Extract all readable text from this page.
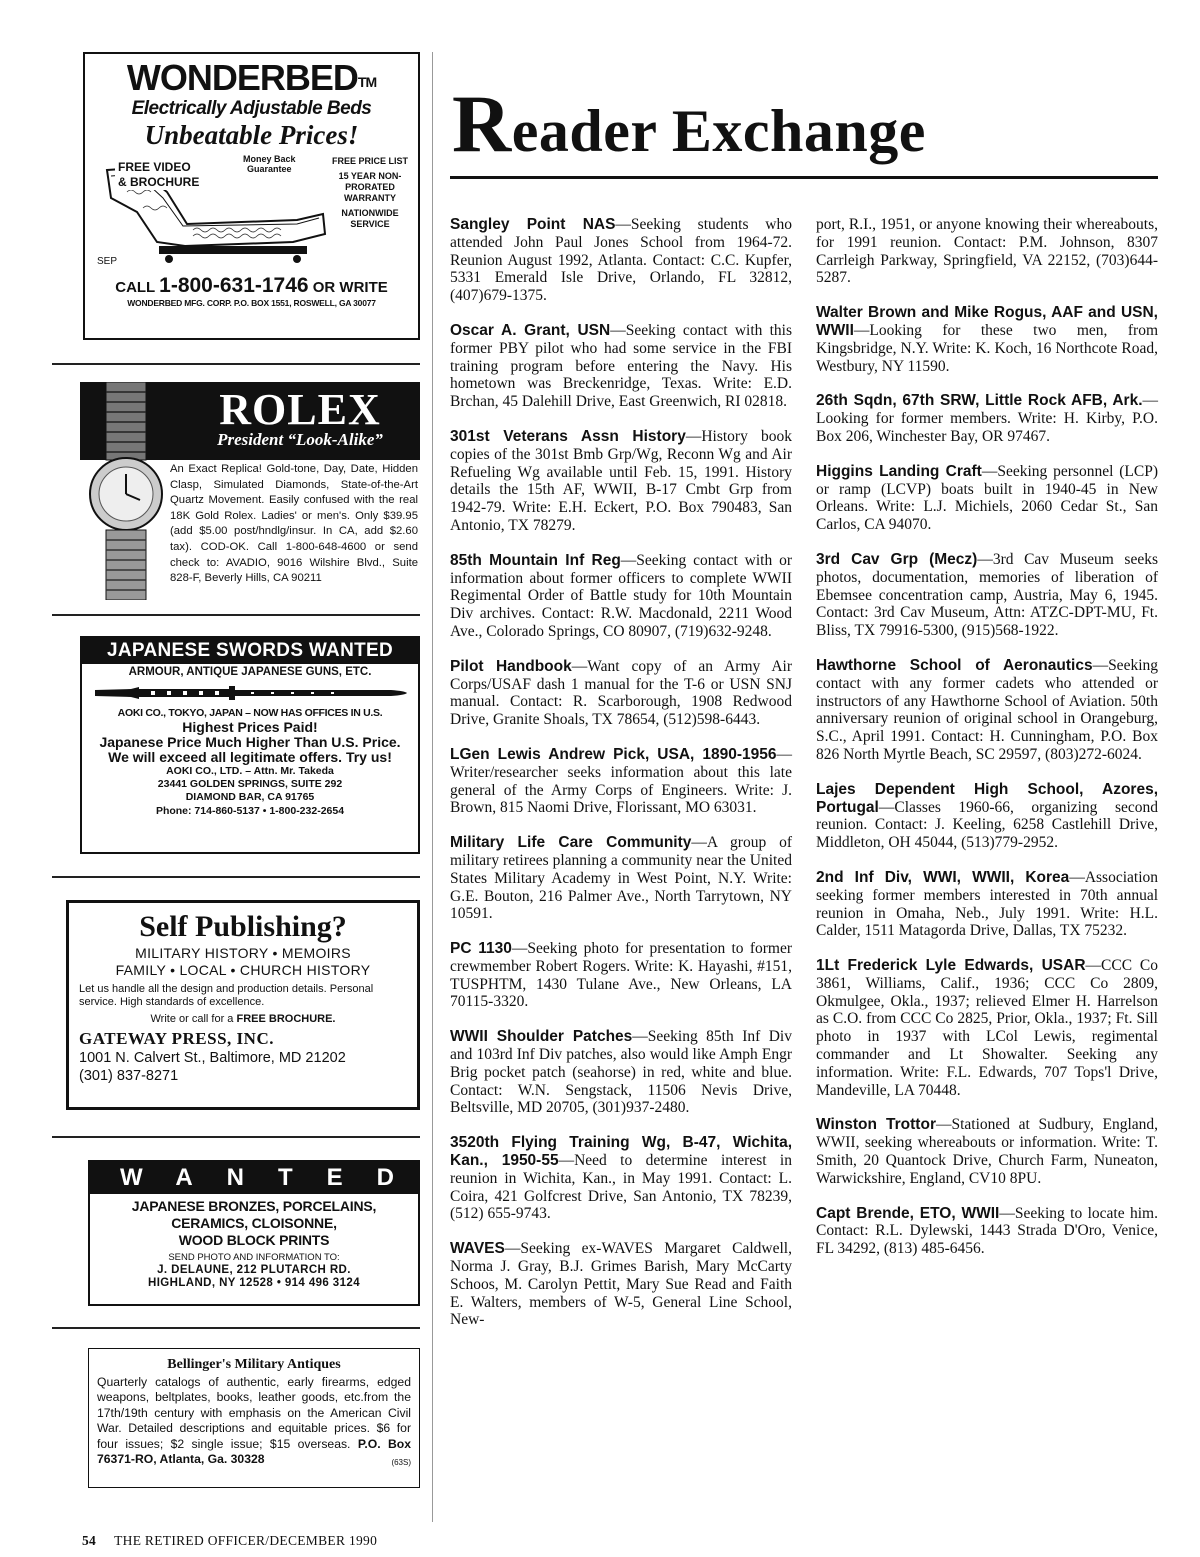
WONDERBED™
Electrically Adjustable Beds
Unbeatable Prices!
FREE VIDEO
& BROCHURE
Money Back
Guarantee
SEP
FREE PRICE LIST
15 YEAR NON-PRORATED WARRANTY
NATIONWIDE SERVICE
CALL 1-800-631-1746 OR WRITE
WONDERBED MFG. CORP. P.O. BOX 1551, ROSWELL, GA 30077
ROLEX
President “Look-Alike”
An Exact Replica! Gold-tone, Day, Date, Hidden Clasp, Simulated Diamonds, State-of-the-Art Quartz Movement. Easily confused with the real 18K Gold Rolex. Ladies' or men's. Only $39.95 (add $5.00 post/hndlg/insur. In CA, add $2.60 tax). COD-OK. Call 1-800-648-4600 or send check to: AVADIO, 9016 Wilshire Blvd., Suite 828-F, Beverly Hills, CA 90211
JAPANESE SWORDS WANTED
ARMOUR, ANTIQUE JAPANESE GUNS, ETC.
AOKI CO., TOKYO, JAPAN – NOW HAS OFFICES IN U.S.
Highest Prices Paid!
Japanese Price Much Higher Than U.S. Price.
We will exceed all legitimate offers. Try us!
AOKI CO., LTD. – Attn. Mr. Takeda
23441 GOLDEN SPRINGS, SUITE 292
DIAMOND BAR, CA 91765
Phone: 714-860-5137 • 1-800-232-2654
Self Publishing?
MILITARY HISTORY • MEMOIRS
FAMILY • LOCAL • CHURCH HISTORY
Let us handle all the design and production details. Personal service. High standards of excellence.
Write or call for a FREE BROCHURE.
GATEWAY PRESS, INC.
1001 N. Calvert St., Baltimore, MD 21202
(301) 837-8271
WANTED
JAPANESE BRONZES, PORCELAINS,
CERAMICS, CLOISONNE,
WOOD BLOCK PRINTS
SEND PHOTO AND INFORMATION TO:
J. DELAUNE, 212 PLUTARCH RD.
HIGHLAND, NY 12528 • 914 496 3124
Bellinger's Military Antiques
Quarterly catalogs of authentic, early firearms, edged weapons, beltplates, books, leather goods, etc.from the 17th/19th century with emphasis on the American Civil War. Detailed descriptions and equitable prices. $6 for four issues; $2 single issue; $15 overseas. P.O. Box 76371-RO, Atlanta, Ga. 30328	(63S)
54 THE RETIRED OFFICER/DECEMBER 1990
Reader Exchange
Sangley Point NAS—Seeking students who attended John Paul Jones School from 1964-72. Reunion August 1992, Atlanta. Contact: C.C. Kupfer, 5331 Emerald Isle Drive, Orlando, FL 32812, (407)679-1375.
Oscar A. Grant, USN—Seeking contact with this former PBY pilot who had some service in the FBI training program before entering the Navy. His hometown was Breckenridge, Texas. Write: E.D. Brchan, 45 Dalehill Drive, East Greenwich, RI 02818.
301st Veterans Assn History—History book copies of the 301st Bmb Grp/Wg, Reconn Wg and Air Refueling Wg available until Feb. 15, 1991. History details the 15th AF, WWII, B-17 Cmbt Grp from 1942-79. Write: E.H. Eckert, P.O. Box 790483, San Antonio, TX 78279.
85th Mountain Inf Reg—Seeking contact with or information about former officers to complete WWII Regimental Order of Battle study for 10th Mountain Div archives. Contact: R.W. Macdonald, 2211 Wood Ave., Colorado Springs, CO 80907, (719)632-9248.
Pilot Handbook—Want copy of an Army Air Corps/USAF dash 1 manual for the T-6 or USN SNJ manual. Contact: R. Scarborough, 1908 Redwood Drive, Granite Shoals, TX 78654, (512)598-6443.
LGen Lewis Andrew Pick, USA, 1890-1956—Writer/researcher seeks information about this late general of the Army Corps of Engineers. Write: J. Brown, 815 Naomi Drive, Florissant, MO 63031.
Military Life Care Community—A group of military retirees planning a community near the United States Military Academy in West Point, N.Y. Write: G.E. Bouton, 216 Palmer Ave., North Tarrytown, NY 10591.
PC 1130—Seeking photo for presentation to former crewmember Robert Rogers. Write: K. Hayashi, #151, TUSPHTM, 1430 Tulane Ave., New Orleans, LA 70115-3320.
WWII Shoulder Patches—Seeking 85th Inf Div and 103rd Inf Div patches, also would like Amph Engr Brig pocket patch (seahorse) in red, white and blue. Contact: W.N. Sengstack, 11506 Nevis Drive, Beltsville, MD 20705, (301)937-2480.
3520th Flying Training Wg, B-47, Wichita, Kan., 1950-55—Need to determine interest in reunion in Wichita, Kan., in May 1991. Contact: L. Coira, 421 Golfcrest Drive, San Antonio, TX 78239, (512) 655-9743.
WAVES—Seeking ex-WAVES Margaret Caldwell, Norma J. Gray, B.J. Grimes Barish, Mary McCarty Schoos, M. Carolyn Pettit, Mary Sue Read and Faith E. Walters, members of W-5, General Line School, New-
port, R.I., 1951, or anyone knowing their whereabouts, for 1991 reunion. Contact: P.M. Johnson, 8307 Carrleigh Parkway, Springfield, VA 22152, (703)644-5287.
Walter Brown and Mike Rogus, AAF and USN, WWII—Looking for these two men, from Kingsbridge, N.Y. Write: K. Koch, 16 Northcote Road, Westbury, NY 11590.
26th Sqdn, 67th SRW, Little Rock AFB, Ark.—Looking for former members. Write: H. Kirby, P.O. Box 206, Winchester Bay, OR 97467.
Higgins Landing Craft—Seeking personnel (LCP) or ramp (LCVP) boats built in 1940-45 in New Orleans. Write: L.J. Michiels, 2060 Cedar St., San Carlos, CA 94070.
3rd Cav Grp (Mecz)—3rd Cav Museum seeks photos, documentation, memories of liberation of Ebemsee concentration camp, Austria, May 6, 1945. Contact: 3rd Cav Museum, Attn: ATZC-DPT-MU, Ft. Bliss, TX 79916-5300, (915)568-1922.
Hawthorne School of Aeronautics—Seeking contact with any former cadets who attended or instructors of any Hawthorne School of Aviation. 50th anniversary reunion of original school in Orangeburg, S.C., April 1991. Contact: H. Cunningham, P.O. Box 826 North Myrtle Beach, SC 29597, (803)272-6024.
Lajes Dependent High School, Azores, Portugal—Classes 1960-66, organizing second reunion. Contact: J. Keeling, 6258 Castlehill Drive, Middleton, OH 45044, (513)779-2952.
2nd Inf Div, WWI, WWII, Korea—Association seeking former members interested in 70th annual reunion in Omaha, Neb., July 1991. Write: H.L. Calder, 1511 Matagorda Drive, Dallas, TX 75232.
1Lt Frederick Lyle Edwards, USAR—CCC Co 3861, Williams, Calif., 1936; CCC Co 2809, Okmulgee, Okla., 1937; relieved Elmer H. Harrelson as C.O. from CCC Co 2825, Prior, Okla., 1937; Ft. Sill photo in 1937 with LCol Lewis, regimental commander and Lt Showalter. Seeking any information. Write: F.L. Edwards, 707 Tops'l Drive, Mandeville, LA 70448.
Winston Trottor—Stationed at Sudbury, England, WWII, seeking whereabouts or information. Write: T. Smith, 20 Quantock Drive, Church Farm, Nuneaton, Warwickshire, England, CV10 8PU.
Capt Brende, ETO, WWII—Seeking to locate him. Contact: R.L. Dylewski, 1443 Strada D'Oro, Venice, FL 34292, (813) 485-6456.
